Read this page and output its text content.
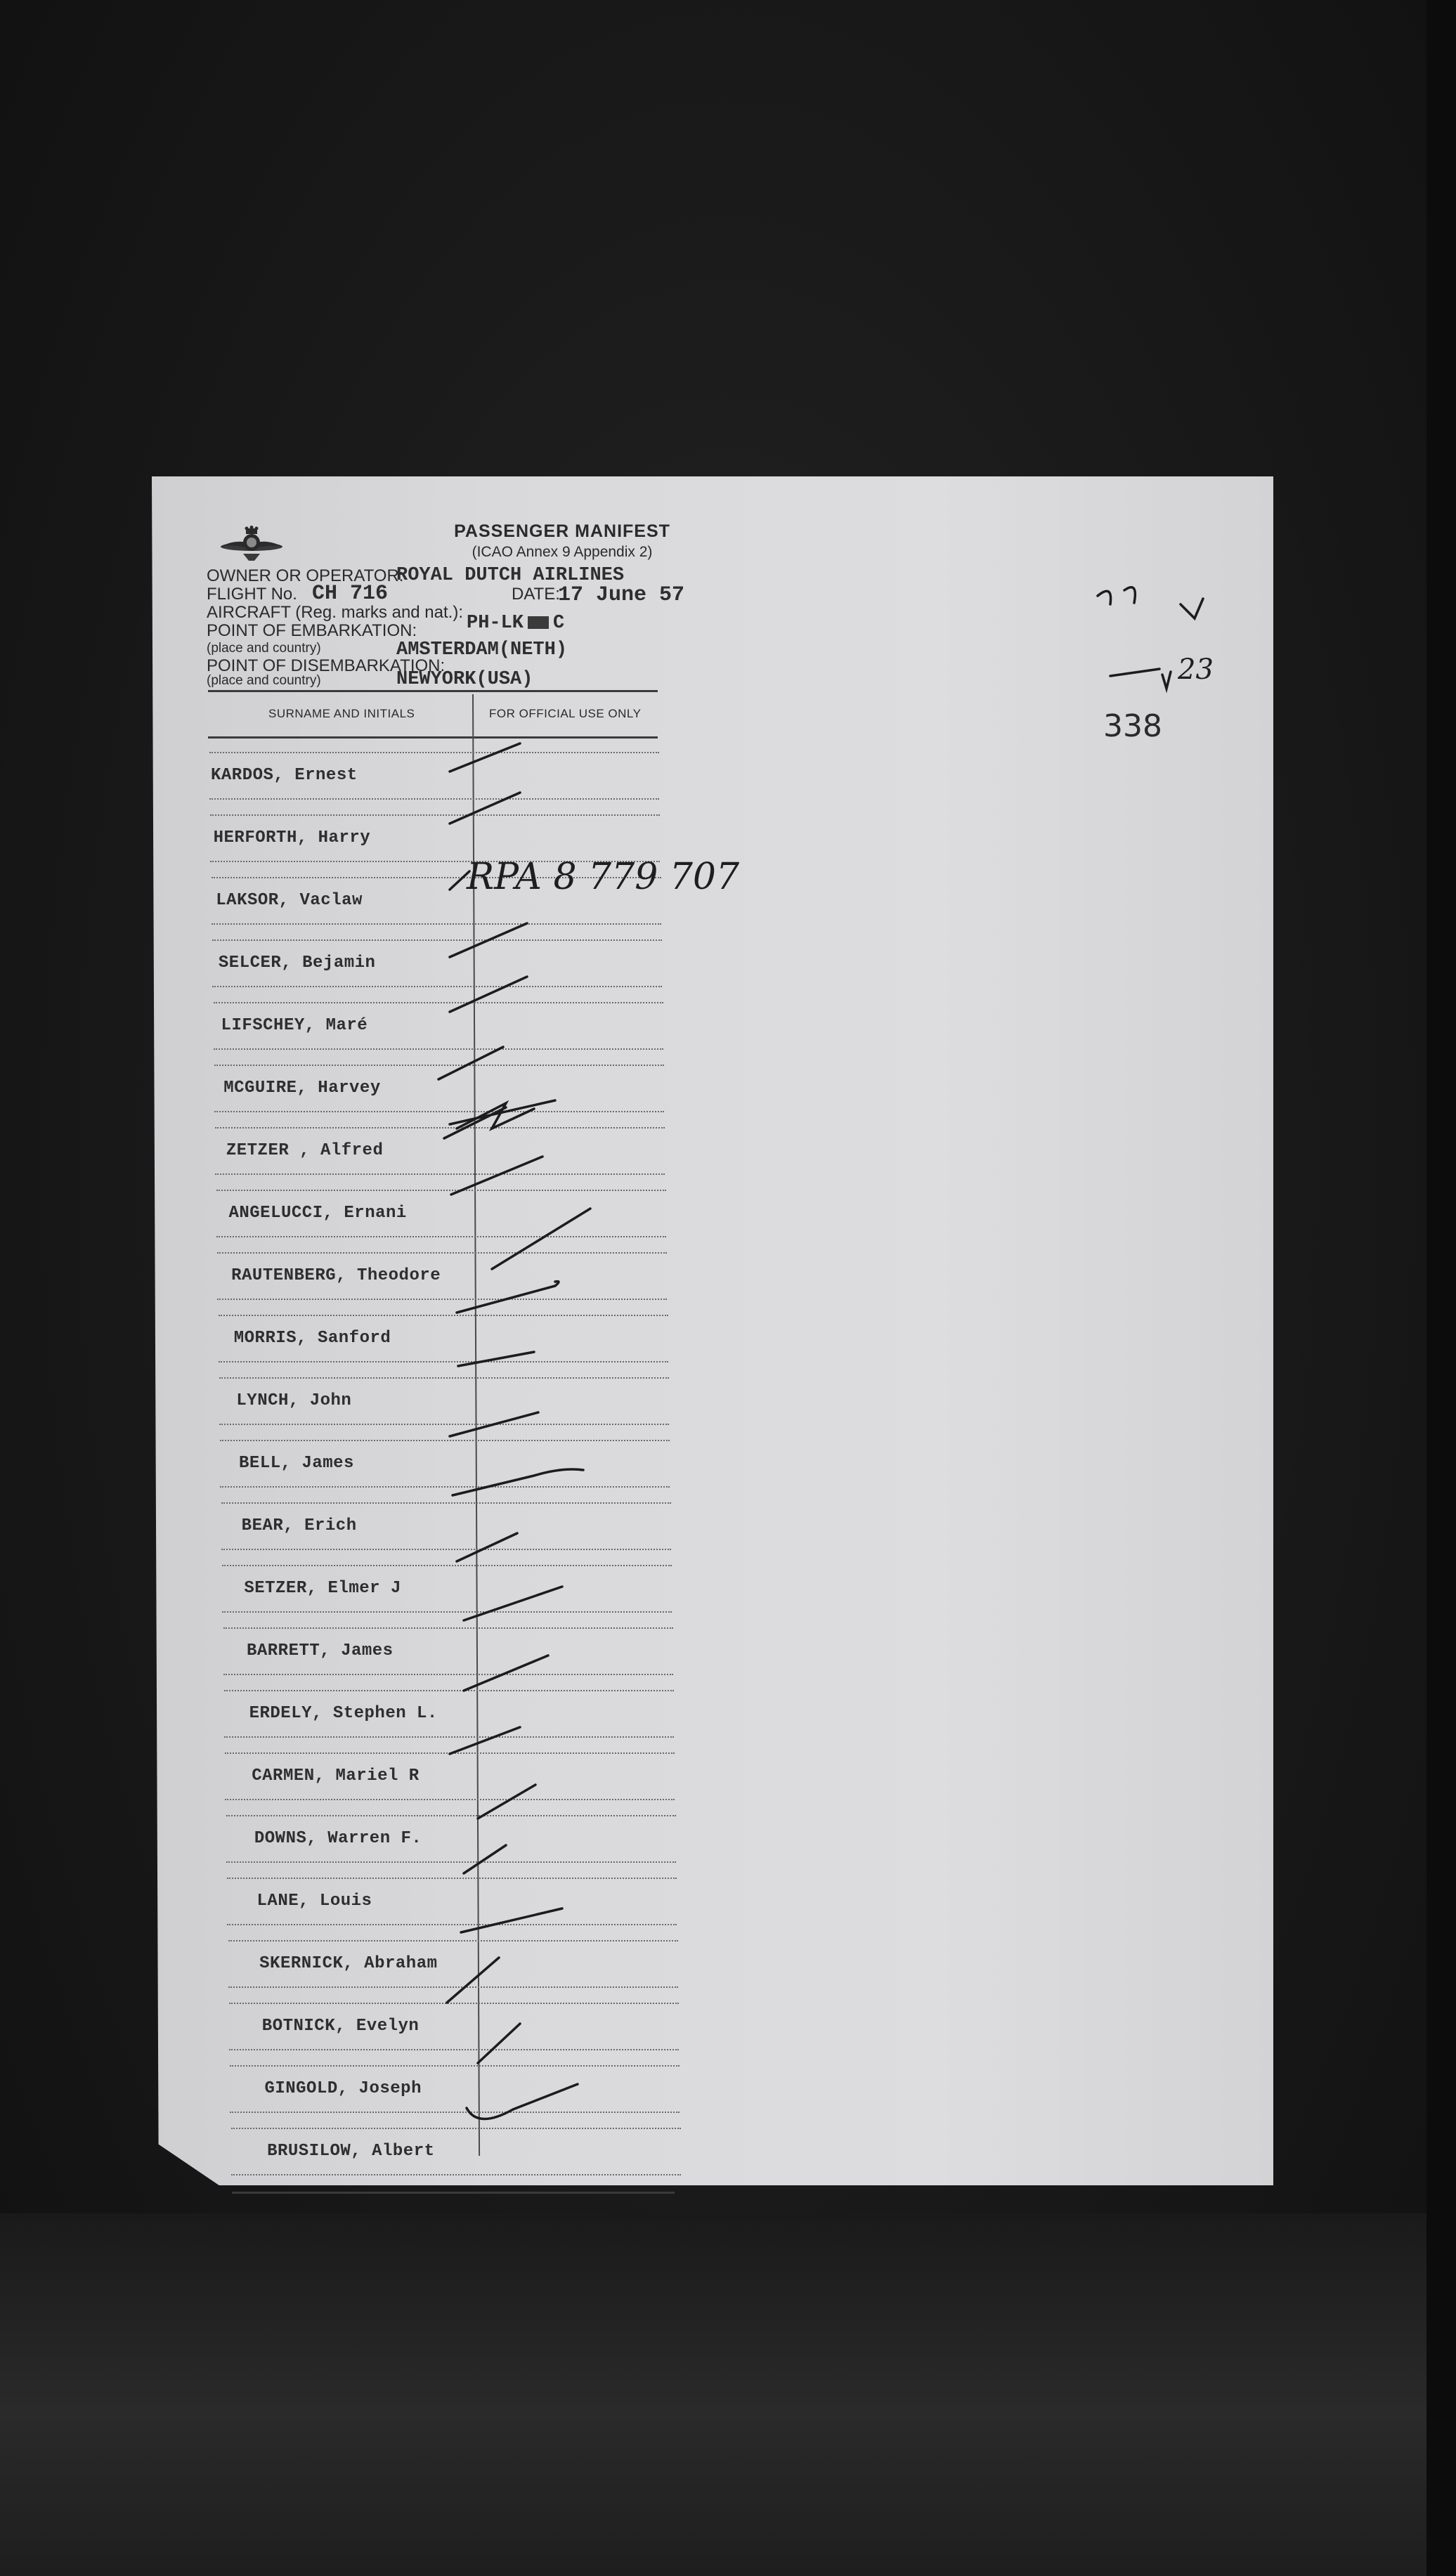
PASSENGER MANIFEST
(ICAO Annex 9 Appendix 2)
OWNER OR OPERATOR:
ROYAL DUTCH AIRLINES
FLIGHT No. CH 716	DATE:
17 June 57
AIRCRAFT (Reg. marks and nat.):
PH-LK C
POINT OF EMBARKATION:
(place and country)	AMSTERDAM(NETH)
POINT OF DISEMBARKATION:
(place and country)	NEWYORK(USA)
SURNAME AND INITIALS	FOR OFFICIAL USE ONLY
KARDOS, Ernest
HERFORTH, Harry
LAKSOR, Vaclaw
SELCER, Bejamin
LIFSCHEY, Maré
MCGUIRE, Harvey
ZETZER , Alfred
ANGELUCCI, Ernani
RAUTENBERG, Theodore
MORRIS, Sanford
LYNCH, John
BELL, James
BEAR, Erich
SETZER, Elmer J
BARRETT, James
ERDELY, Stephen L.
CARMEN, Mariel R
DOWNS, Warren F.
LANE, Louis
SKERNICK, Abraham
BOTNICK, Evelyn
GINGOLD, Joseph
BRUSILOW, Albert
RPA 8 779 707
23
338
